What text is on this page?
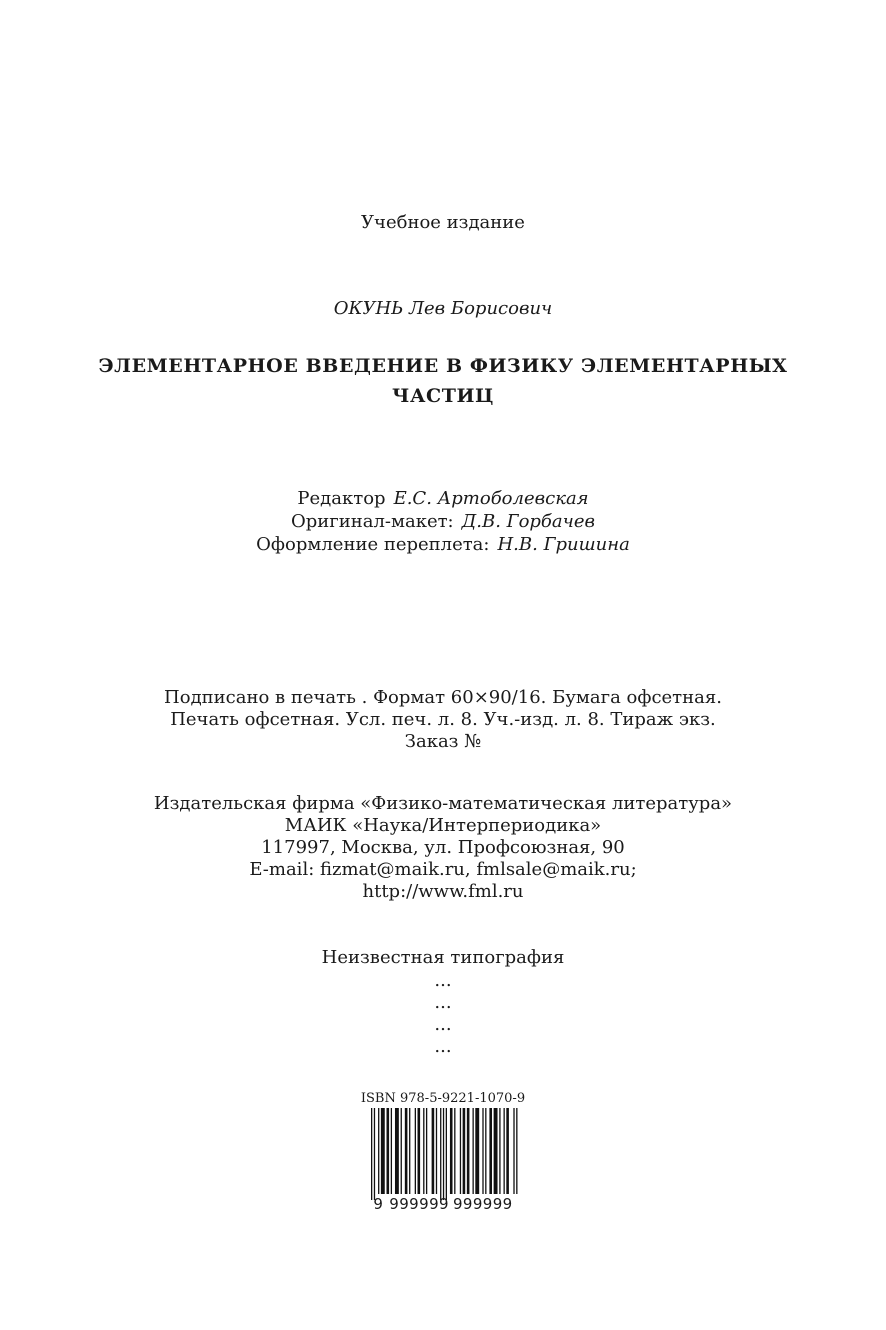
Учебное издание
ОКУНЬ Лев Борисович
ЭЛЕМЕНТАРНОЕ ВВЕДЕНИЕ В ФИЗИКУ ЭЛЕМЕНТАРНЫХ
ЧАСТИЦ
Редактор Е.С. Артоболевская
Оригинал-макет: Д.В. Горбачев
Оформление переплета: Н.В. Гришина
Подписано в печать . Формат 60×90/16. Бумага офсетная.
Печать офсетная. Усл. печ. л. 8. Уч.-изд. л. 8. Тираж экз.
Заказ №
Издательская фирма «Физико-математическая литература»
МАИК «Наука/Интерпериодика»
117997, Москва, ул. Профсоюзная, 90
E-mail: fizmat@maik.ru, fmlsale@maik.ru;
http://www.fml.ru
Неизвестная типография
...
...
...
...
ISBN 978-5-9221-1070-9
9 999999 999999
